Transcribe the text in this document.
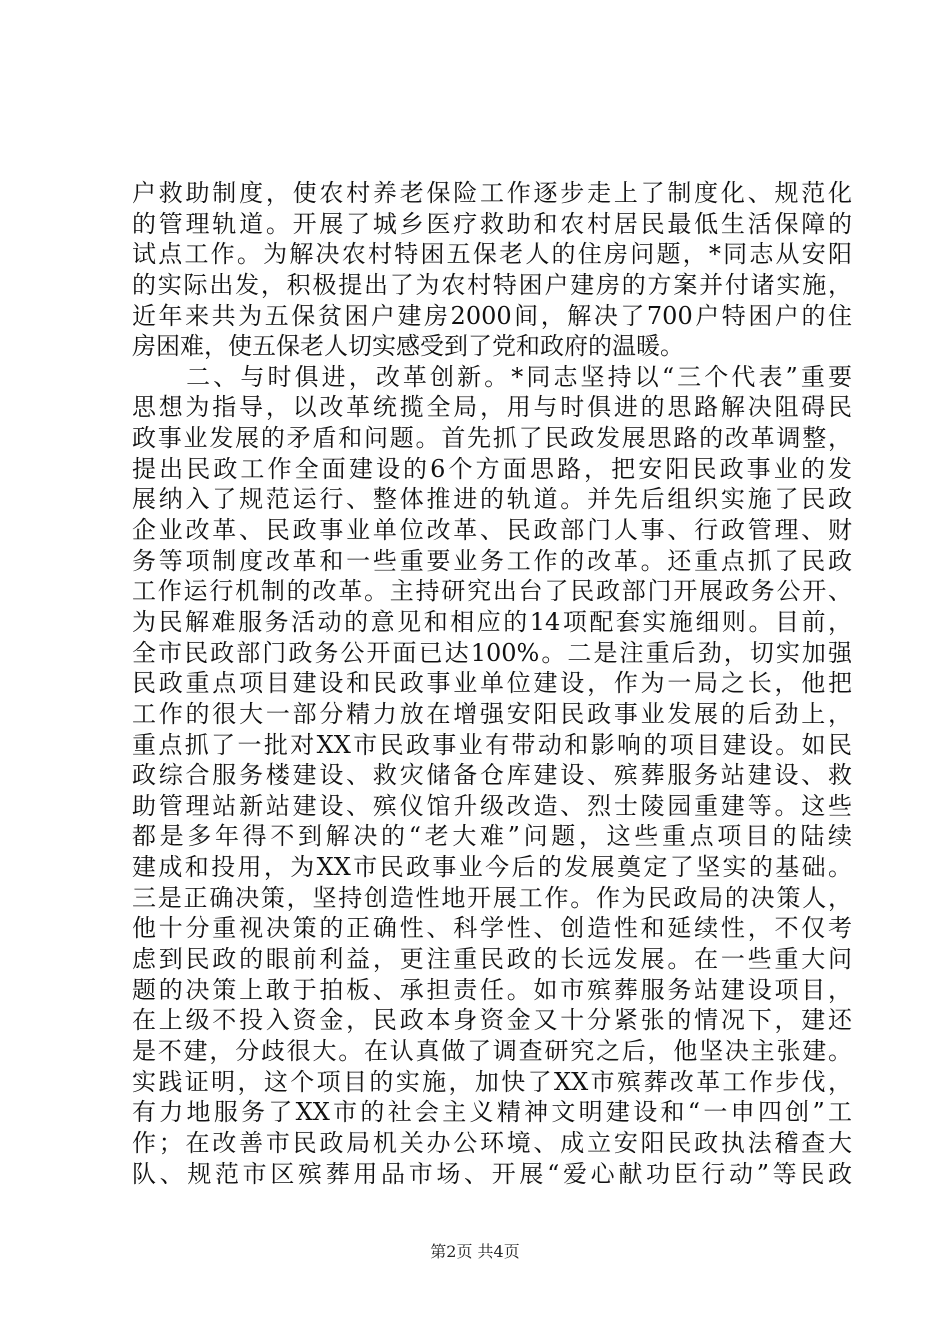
户救助制度，使农村养老保险工作逐步走上了制度化、规范化
的管理轨道。开展了城乡医疗救助和农村居民最低生活保障的
试点工作。为解决农村特困五保老人的住房问题，*同志从安阳
的实际出发，积极提出了为农村特困户建房的方案并付诸实施，
近年来共为五保贫困户建房2000间，解决了700户特困户的住
房困难，使五保老人切实感受到了党和政府的温暖。
　　二、与时俱进，改革创新。*同志坚持以“三个代表”重要
思想为指导，以改革统揽全局，用与时俱进的思路解决阻碍民
政事业发展的矛盾和问题。首先抓了民政发展思路的改革调整，
提出民政工作全面建设的6个方面思路，把安阳民政事业的发
展纳入了规范运行、整体推进的轨道。并先后组织实施了民政
企业改革、民政事业单位改革、民政部门人事、行政管理、财
务等项制度改革和一些重要业务工作的改革。还重点抓了民政
工作运行机制的改革。主持研究出台了民政部门开展政务公开、
为民解难服务活动的意见和相应的14项配套实施细则。目前，
全市民政部门政务公开面已达100%。二是注重后劲，切实加强
民政重点项目建设和民政事业单位建设，作为一局之长，他把
工作的很大一部分精力放在增强安阳民政事业发展的后劲上，
重点抓了一批对XX市民政事业有带动和影响的项目建设。如民
政综合服务楼建设、救灾储备仓库建设、殡葬服务站建设、救
助管理站新站建设、殡仪馆升级改造、烈士陵园重建等。这些
都是多年得不到解决的“老大难”问题，这些重点项目的陆续
建成和投用，为XX市民政事业今后的发展奠定了坚实的基础。
三是正确决策，坚持创造性地开展工作。作为民政局的决策人，
他十分重视决策的正确性、科学性、创造性和延续性，不仅考
虑到民政的眼前利益，更注重民政的长远发展。在一些重大问
题的决策上敢于拍板、承担责任。如市殡葬服务站建设项目，
在上级不投入资金，民政本身资金又十分紧张的情况下，建还
是不建，分歧很大。在认真做了调查研究之后，他坚决主张建。
实践证明，这个项目的实施，加快了XX市殡葬改革工作步伐，
有力地服务了XX市的社会主义精神文明建设和“一申四创”工
作；在改善市民政局机关办公环境、成立安阳民政执法稽查大
队、规范市区殡葬用品市场、开展“爱心献功臣行动”等民政
第2页 共4页
